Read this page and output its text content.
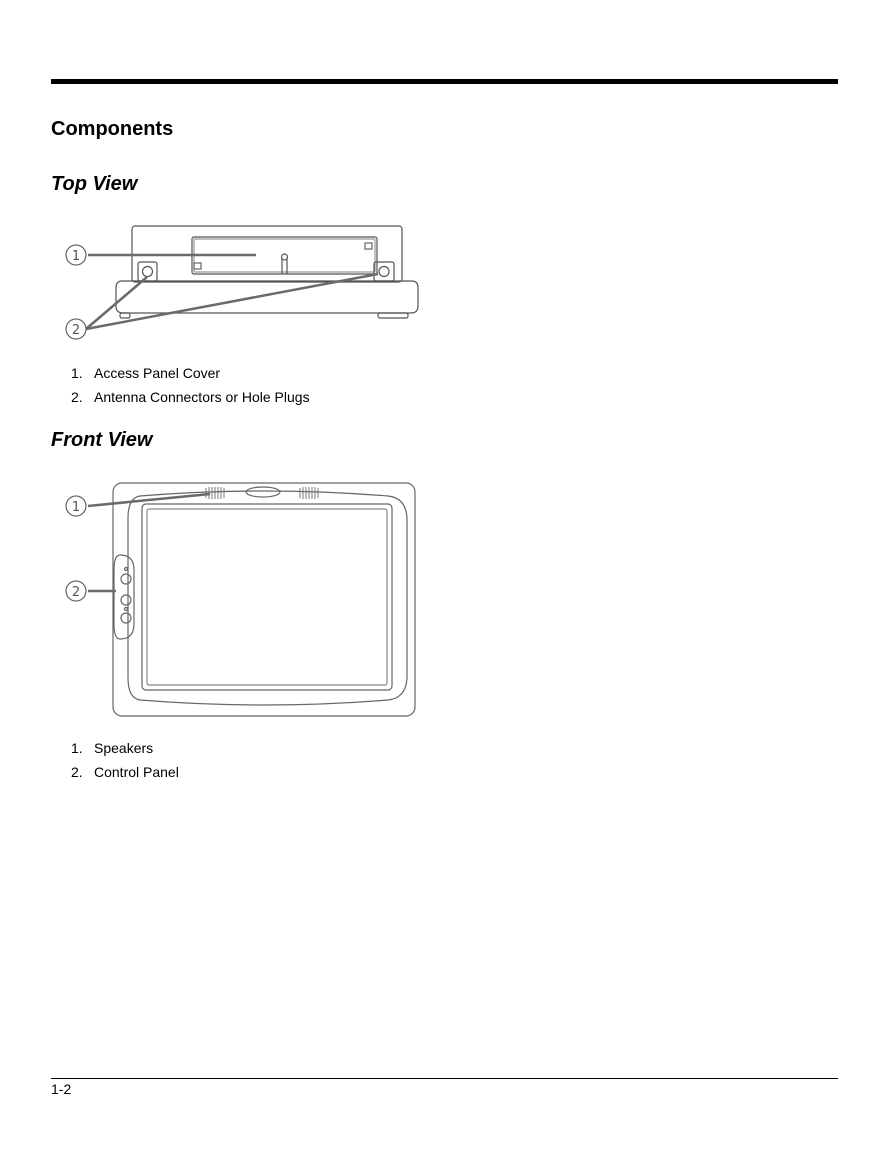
Components
Top View
1
2
1. Access Panel Cover
2. Antenna Connectors or Hole Plugs
Front View
1
2
1. Speakers
2. Control Panel
1-2
